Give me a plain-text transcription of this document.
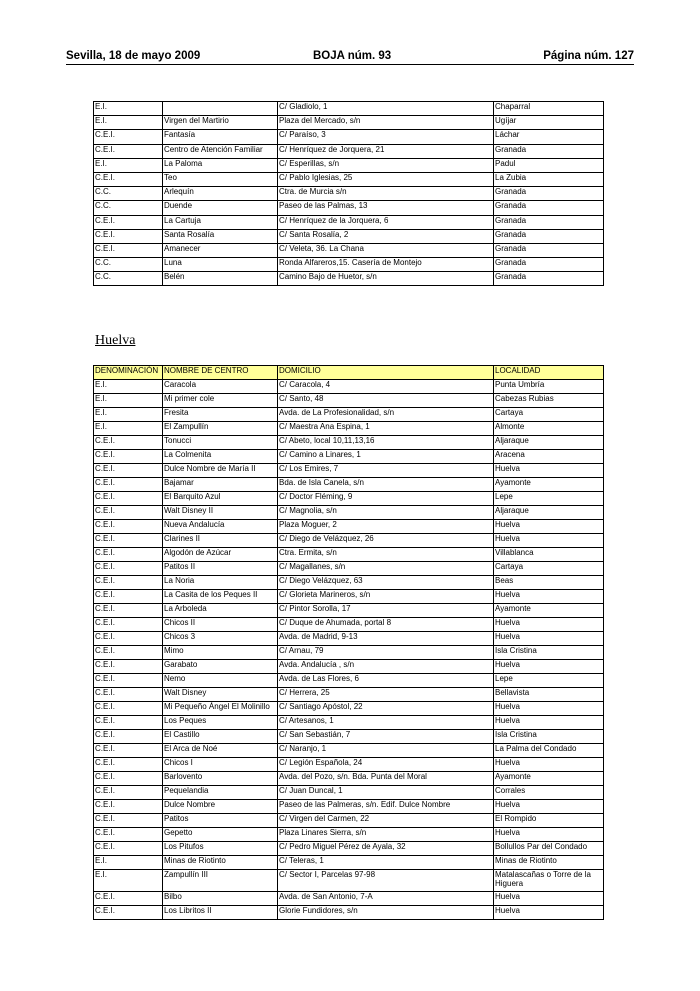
Sevilla, 18 de mayo 2009	BOJA núm. 93	Página núm. 127
E.I.		C/ Gladiolo, 1	Chaparral
E.I.	Virgen del Martirio	Plaza del Mercado, s/n	Ugíjar
C.E.I.	Fantasía	C/ Paraíso, 3	Láchar
C.E.I.	Centro de Atención Familiar	C/ Henríquez de Jorquera, 21	Granada
E.I.	La Paloma	C/ Esperillas, s/n	Padul
C.E.I.	Teo	C/ Pablo Iglesias, 25	La Zubia
C.C.	Arlequín	Ctra. de Murcia s/n	Granada
C.C.	Duende	Paseo de las Palmas, 13	Granada
C.E.I.	La Cartuja	C/ Henríquez de la Jorquera, 6	Granada
C.E.I.	Santa Rosalía	C/ Santa Rosalía, 2	Granada
C.E.I.	Amanecer	C/ Veleta, 36. La Chana	Granada
C.C.	Luna	Ronda Alfareros,15. Casería de Montejo	Granada
C.C.	Belén	Camino Bajo de Huetor, s/n	Granada
Huelva
DENOMINACIÓN	NOMBRE DE CENTRO	DOMICILIO	LOCALIDAD
E.I.	Caracola	C/ Caracola, 4	Punta Umbría
E.I.	Mi primer cole	C/ Santo, 48	Cabezas Rubias
E.I.	Fresita	Avda. de La Profesionalidad, s/n	Cartaya
E.I.	El Zampullín	C/ Maestra Ana Espina, 1	Almonte
C.E.I.	Tonucci	C/ Abeto, local 10,11,13,16	Aljaraque
C.E.I.	La Colmenita	C/ Camino a Linares, 1	Aracena
C.E.I.	Dulce Nombre de María II	C/ Los Emires, 7	Huelva
C.E.I.	Bajamar	Bda. de Isla Canela, s/n	Ayamonte
C.E.I.	El Barquito Azul	C/ Doctor Fléming, 9	Lepe
C.E.I.	Walt Disney II	C/ Magnolia, s/n	Aljaraque
C.E.I.	Nueva Andalucía	Plaza Moguer, 2	Huelva
C.E.I.	Clarines II	C/ Diego de Velázquez, 26	Huelva
C.E.I.	Algodón de Azúcar	Ctra. Ermita, s/n	Villablanca
C.E.I.	Patitos II	C/ Magallanes, s/n	Cartaya
C.E.I.	La Noria	C/ Diego Velázquez, 63	Beas
C.E.I.	La Casita de los Peques II	C/ Glorieta Marineros, s/n	Huelva
C.E.I.	La Arboleda	C/ Pintor Sorolla, 17	Ayamonte
C.E.I.	Chicos II	C/ Duque de Ahumada, portal 8	Huelva
C.E.I.	Chicos 3	Avda. de Madrid, 9-13	Huelva
C.E.I.	Mimo	C/ Arnau, 79	Isla Cristina
C.E.I.	Garabato	Avda. Andalucía , s/n	Huelva
C.E.I.	Nemo	Avda. de Las Flores, 6	Lepe
C.E.I.	Walt Disney	C/ Herrera, 25	Bellavista
C.E.I.	Mi Pequeño Ángel El Molinillo	C/ Santiago Apóstol, 22	Huelva
C.E.I.	Los Peques	C/ Artesanos, 1	Huelva
C.E.I.	El Castillo	C/ San Sebastián, 7	Isla Cristina
C.E.I.	El Arca de Noé	C/ Naranjo, 1	La Palma del Condado
C.E.I.	Chicos I	C/ Legión Española, 24	Huelva
C.E.I.	Barlovento	Avda. del Pozo, s/n. Bda. Punta del Moral	Ayamonte
C.E.I.	Pequelandia	C/ Juan Duncal, 1	Corrales
C.E.I.	Dulce Nombre	Paseo de las Palmeras, s/n. Edif. Dulce Nombre	Huelva
C.E.I.	Patitos	C/ Virgen del Carmen, 22	El Rompido
C.E.I.	Gepetto	Plaza Linares Sierra, s/n	Huelva
C.E.I.	Los Pitufos	C/ Pedro Miguel Pérez de Ayala, 32	Bollullos Par del Condado
E.I.	Minas de Riotinto	C/ Teleras, 1	Minas de Riotinto
E.I.	Zampullín III	C/ Sector I, Parcelas 97-98	Matalascañas o Torre de la Higuera
C.E.I.	Bilbo	Avda. de San Antonio, 7-A	Huelva
C.E.I.	Los Libritos II	Glorie Fundidores, s/n	Huelva
